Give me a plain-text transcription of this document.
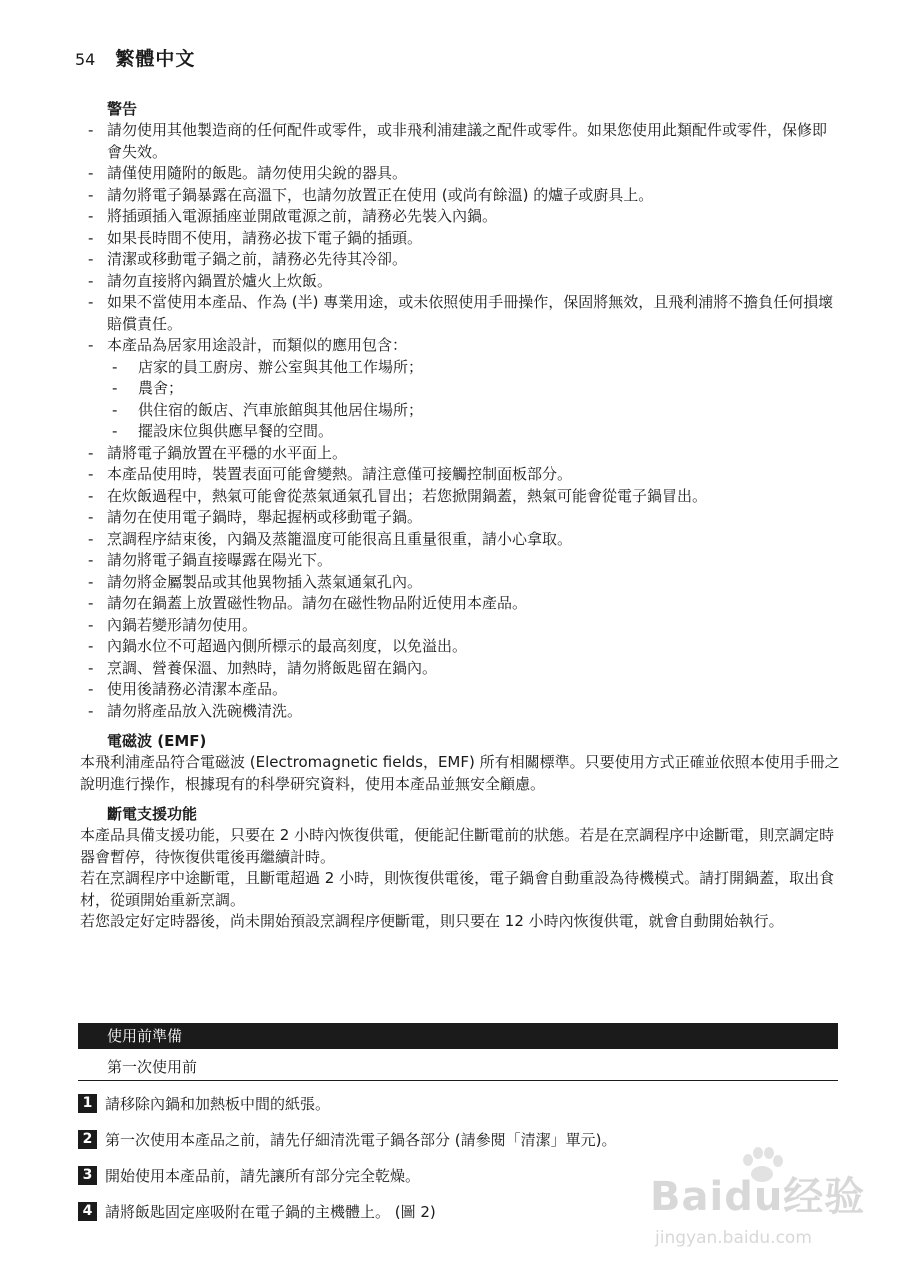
54 繁體中文
警告
- 請勿使用其他製造商的任何配件或零件，或非飛利浦建議之配件或零件。如果您使用此類配件或零件，保修即會失效。
- 請僅使用隨附的飯匙。請勿使用尖銳的器具。
- 請勿將電子鍋暴露在高溫下，也請勿放置正在使用 (或尚有餘溫) 的爐子或廚具上。
- 將插頭插入電源插座並開啟電源之前，請務必先裝入內鍋。
- 如果長時間不使用，請務必拔下電子鍋的插頭。
- 清潔或移動電子鍋之前，請務必先待其冷卻。
- 請勿直接將內鍋置於爐火上炊飯。
- 如果不當使用本產品、作為 (半) 專業用途，或未依照使用手冊操作，保固將無效，且飛利浦將不擔負任何損壞賠償責任。
- 本產品為居家用途設計，而類似的應用包含：
- 店家的員工廚房、辦公室與其他工作場所；
- 農舍；
- 供住宿的飯店、汽車旅館與其他居住場所；
- 擺設床位與供應早餐的空間。
- 請將電子鍋放置在平穩的水平面上。
- 本產品使用時，裝置表面可能會變熱。請注意僅可接觸控制面板部分。
- 在炊飯過程中，熱氣可能會從蒸氣通氣孔冒出；若您掀開鍋蓋，熱氣可能會從電子鍋冒出。
- 請勿在使用電子鍋時，舉起握柄或移動電子鍋。
- 烹調程序結束後，內鍋及蒸籠溫度可能很高且重量很重，請小心拿取。
- 請勿將電子鍋直接曝露在陽光下。
- 請勿將金屬製品或其他異物插入蒸氣通氣孔內。
- 請勿在鍋蓋上放置磁性物品。請勿在磁性物品附近使用本產品。
- 內鍋若變形請勿使用。
- 內鍋水位不可超過內側所標示的最高刻度，以免溢出。
- 烹調、營養保溫、加熱時，請勿將飯匙留在鍋內。
- 使用後請務必清潔本產品。
- 請勿將產品放入洗碗機清洗。
電磁波 (EMF)

本飛利浦產品符合電磁波 (Electromagnetic fields，EMF) 所有相關標準。只要使用方式正確並依照本使用手冊之說明進行操作，根據現有的科學研究資料，使用本產品並無安全顧慮。

斷電支援功能

本產品具備支援功能，只要在 2 小時內恢復供電，便能記住斷電前的狀態。若是在烹調程序中途斷電，則烹調定時器會暫停，待恢復供電後再繼續計時。

若在烹調程序中途斷電，且斷電超過 2 小時，則恢復供電後，電子鍋會自動重設為待機模式。請打開鍋蓋，取出食材，從頭開始重新烹調。

若您設定好定時器後，尚未開始預設烹調程序便斷電，則只要在 12 小時內恢復供電，就會自動開始執行。

使用前準備
第一次使用前
1 請移除內鍋和加熱板中間的紙張。
2 第一次使用本產品之前，請先仔細清洗電子鍋各部分 (請參閱「清潔」單元)。
3 開始使用本產品前，請先讓所有部分完全乾燥。
4 請將飯匙固定座吸附在電子鍋的主機體上。 (圖 2)	Baidu经验
jingyan.baidu.com
